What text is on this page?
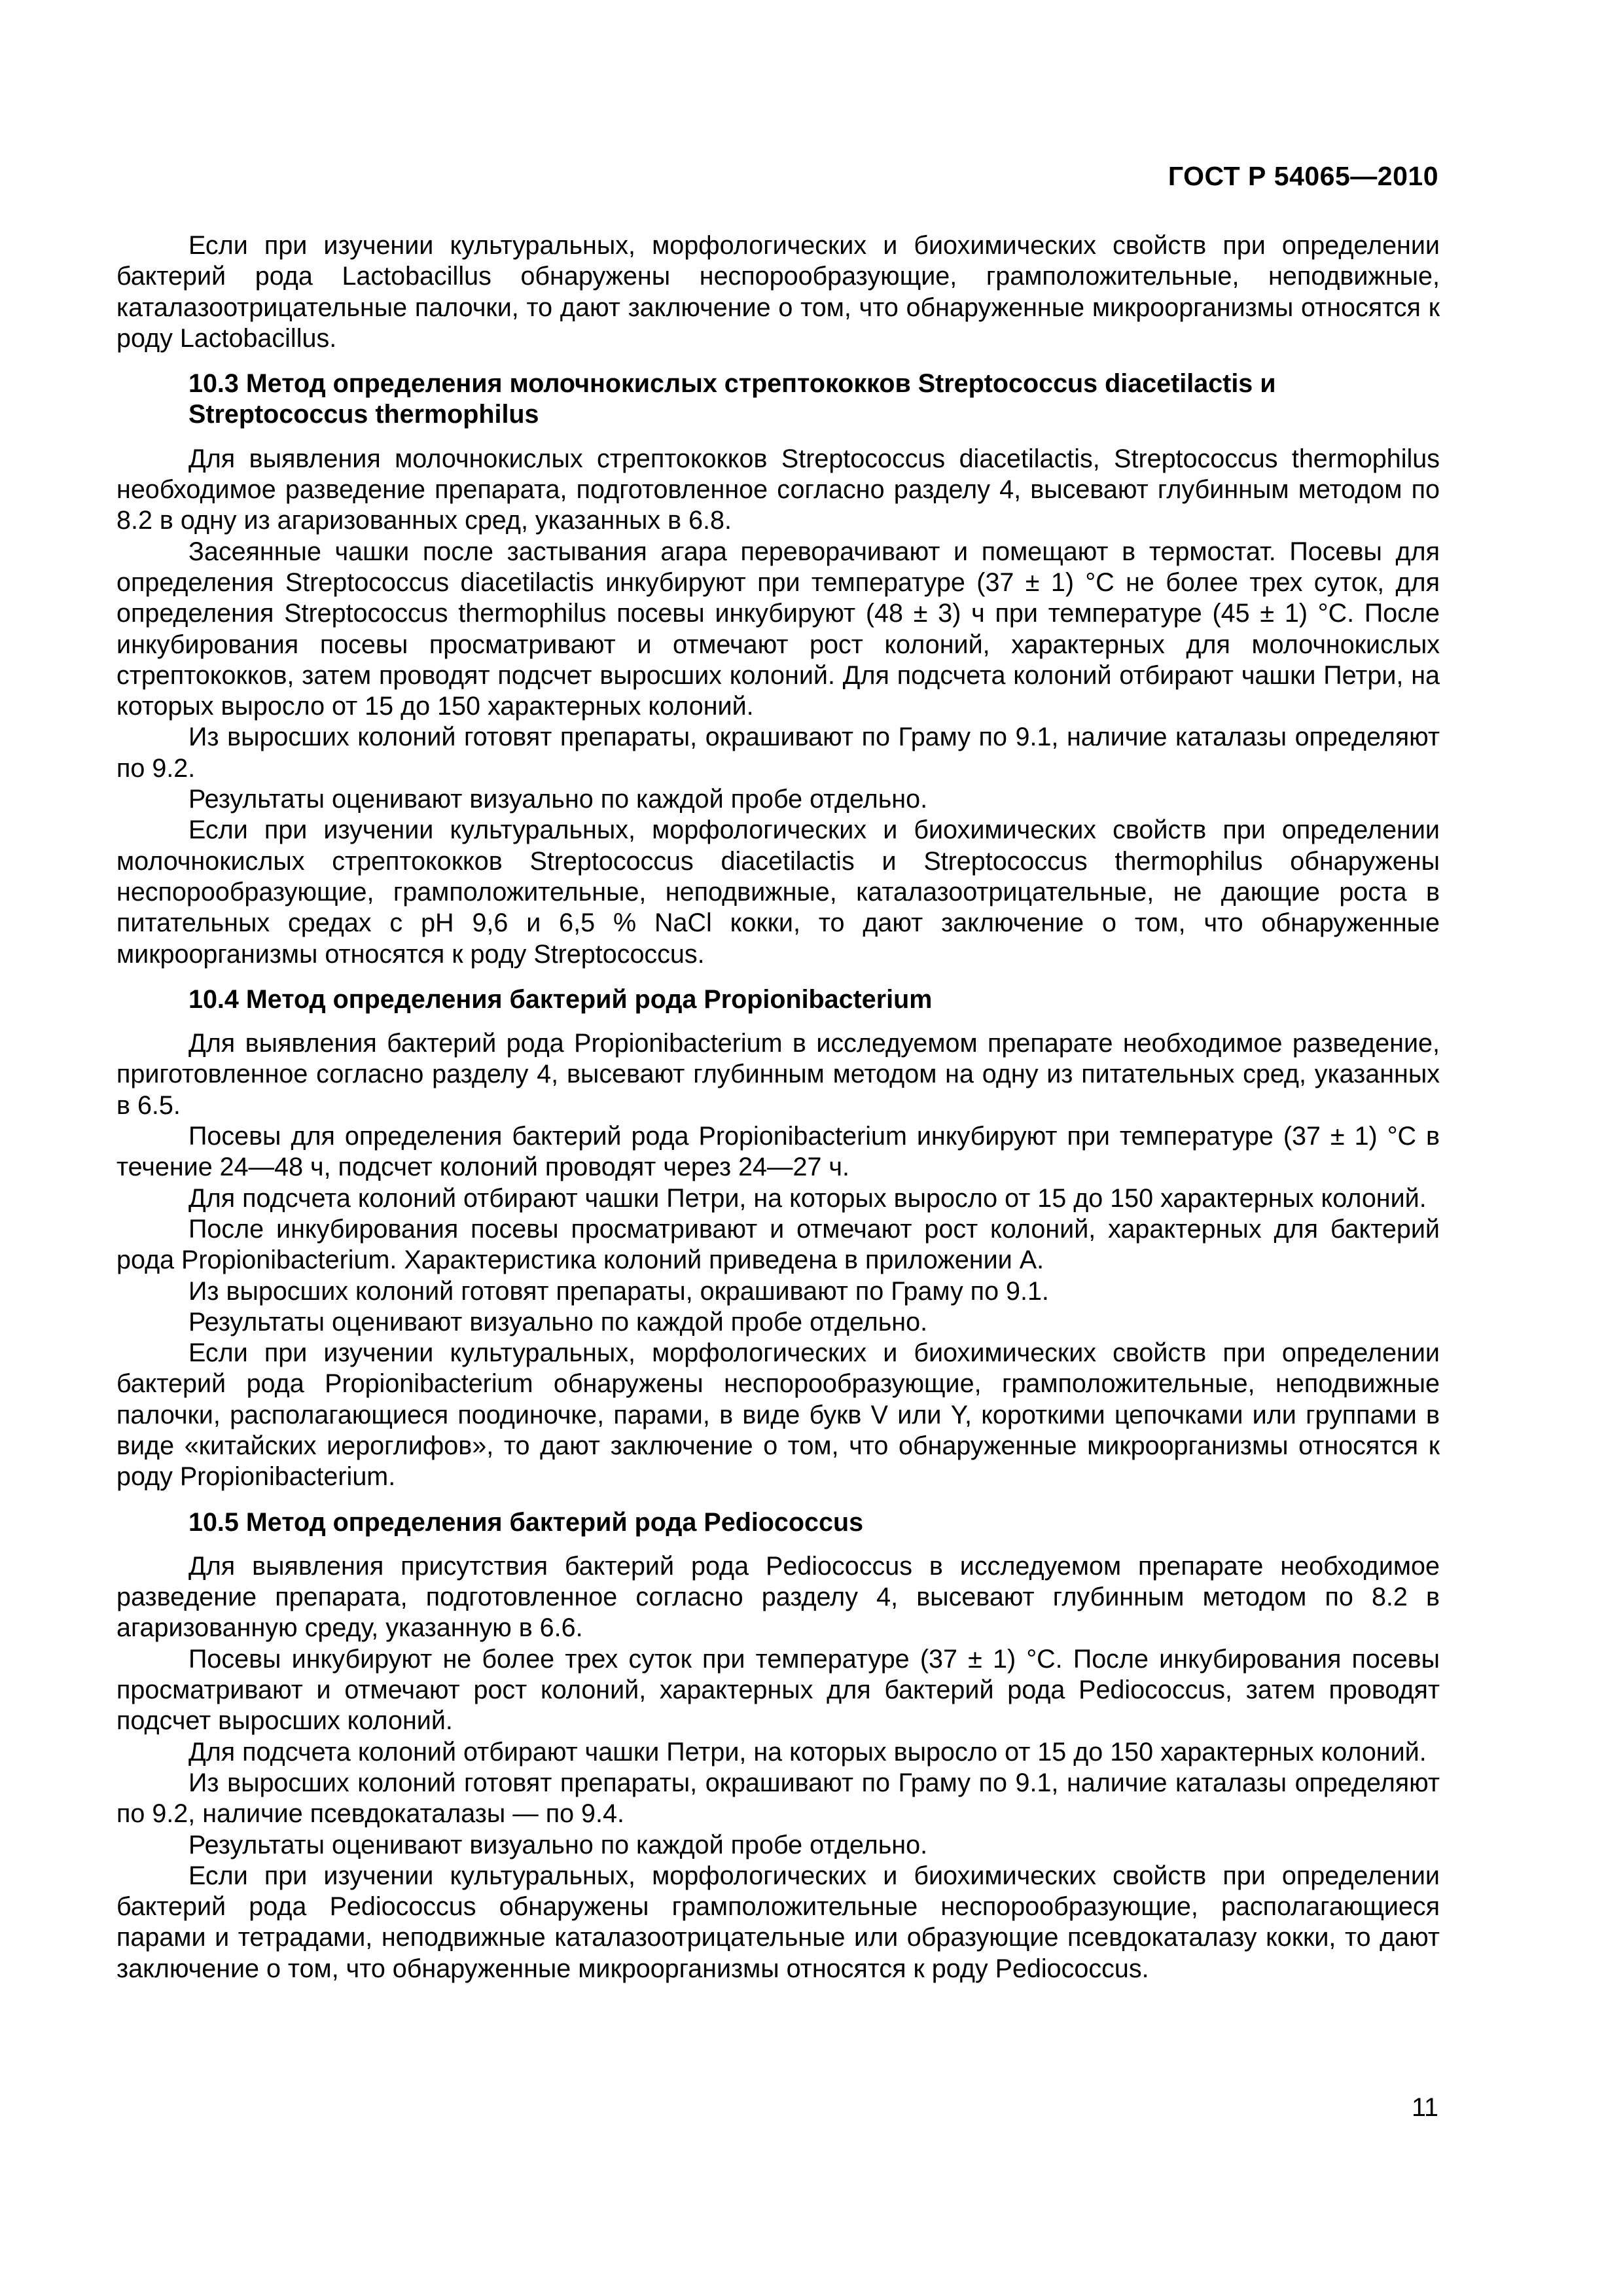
ГОСТ Р 54065—2010

Если при изучении культуральных, морфологических и биохимических свойств при определении бактерий рода Lactobacillus обнаружены неспорообразующие, грамположительные, неподвижные, каталазоотрицательные палочки, то дают заключение о том, что обнаруженные микроорганизмы относятся к роду Lactobacillus.

10.3 Метод определения молочнокислых стрептококков Streptococcus diacetilactis и Streptococcus thermophilus

Для выявления молочнокислых стрептококков Streptococcus diacetilactis, Streptococcus thermophilus необходимое разведение препарата, подготовленное согласно разделу 4, высевают глубинным методом по 8.2 в одну из агаризованных сред, указанных в 6.8.

Засеянные чашки после застывания агара переворачивают и помещают в термостат. Посевы для определения Streptococcus diacetilactis инкубируют при температуре (37 ± 1) °С не более трех суток, для определения Streptococcus thermophilus посевы инкубируют (48 ± 3) ч при температуре (45 ± 1) °С. После инкубирования посевы просматривают и отмечают рост колоний, характерных для молочнокислых стрептококков, затем проводят подсчет выросших колоний. Для подсчета колоний отбирают чашки Петри, на которых выросло от 15 до 150 характерных колоний.

Из выросших колоний готовят препараты, окрашивают по Граму по 9.1, наличие каталазы определяют по 9.2.

Результаты оценивают визуально по каждой пробе отдельно.

Если при изучении культуральных, морфологических и биохимических свойств при определении молочнокислых стрептококков Streptococcus diacetilactis и Streptococcus thermophilus обнаружены неспорообразующие, грамположительные, неподвижные, каталазоотрицательные, не дающие роста в питательных средах с рН 9,6 и 6,5 % NaCl кокки, то дают заключение о том, что обнаруженные микроорганизмы относятся к роду Streptococcus.

10.4 Метод определения бактерий рода Propionibacterium

Для выявления бактерий рода Propionibacterium в исследуемом препарате необходимое разведение, приготовленное согласно разделу 4, высевают глубинным методом на одну из питательных сред, указанных в 6.5.

Посевы для определения бактерий рода Propionibacterium инкубируют при температуре (37 ± 1) °С в течение 24—48 ч, подсчет колоний проводят через 24—27 ч.

Для подсчета колоний отбирают чашки Петри, на которых выросло от 15 до 150 характерных колоний.

После инкубирования посевы просматривают и отмечают рост колоний, характерных для бактерий рода Propionibacterium. Характеристика колоний приведена в приложении А.

Из выросших колоний готовят препараты, окрашивают по Граму по 9.1.

Результаты оценивают визуально по каждой пробе отдельно.

Если при изучении культуральных, морфологических и биохимических свойств при определении бактерий рода Propionibacterium обнаружены неспорообразующие, грамположительные, неподвижные палочки, располагающиеся поодиночке, парами, в виде букв V или Y, короткими цепочками или группами в виде «китайских иероглифов», то дают заключение о том, что обнаруженные микроорганизмы относятся к роду Propionibacterium.

10.5 Метод определения бактерий рода Pediococcus

Для выявления присутствия бактерий рода Pediococcus в исследуемом препарате необходимое разведение препарата, подготовленное согласно разделу 4, высевают глубинным методом по 8.2 в агаризованную среду, указанную в 6.6.

Посевы инкубируют не более трех суток при температуре (37 ± 1) °С. После инкубирования посевы просматривают и отмечают рост колоний, характерных для бактерий рода Pediococcus, затем проводят подсчет выросших колоний.

Для подсчета колоний отбирают чашки Петри, на которых выросло от 15 до 150 характерных колоний.

Из выросших колоний готовят препараты, окрашивают по Граму по 9.1, наличие каталазы определяют по 9.2, наличие псевдокаталазы — по 9.4.

Результаты оценивают визуально по каждой пробе отдельно.

Если при изучении культуральных, морфологических и биохимических свойств при определении бактерий рода Pediococcus обнаружены грамположительные неспорообразующие, располагающиеся парами и тетрадами, неподвижные каталазоотрицательные или образующие псевдокаталазу кокки, то дают заключение о том, что обнаруженные микроорганизмы относятся к роду Pediococcus.

11
